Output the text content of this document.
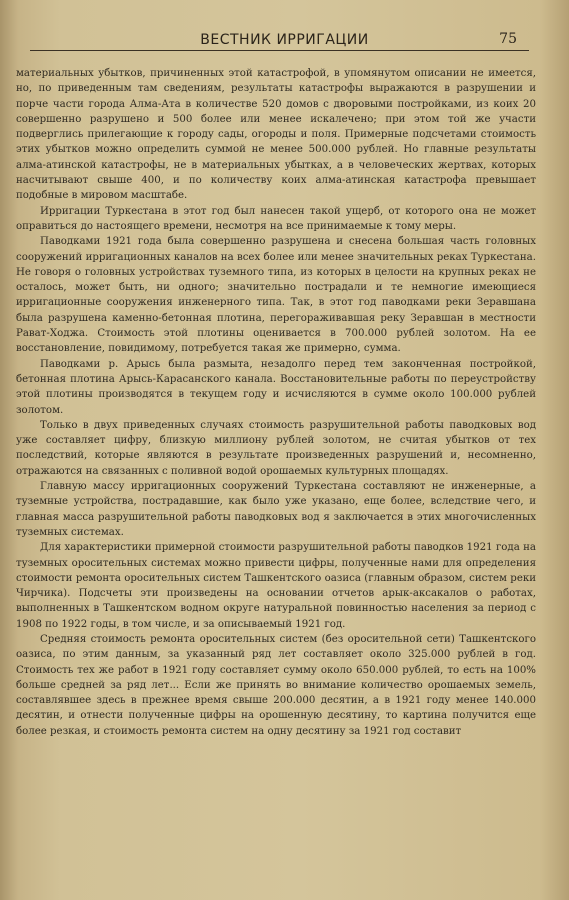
ВЕСТНИК ИРРИГАЦИИ	75

материальных убытков, причиненных этой катастрофой, в упомянутом описании не имеется, но, по приведенным там сведениям, результаты катастрофы выражаются в разрушении и порче части города Алма-Ата в количестве 520 домов с дворовыми постройками, из коих 20 совершенно разрушено и 500 более или менее искалечено; при этом той же участи подверглись прилегающие к городу сады, огороды и поля. Примерные подсчетами стоимость этих убытков можно определить суммой не менее 500.000 рублей. Но главные результаты алма-атинской катастрофы, не в материальных убытках, а в человеческих жертвах, которых насчитывают свыше 400, и по количеству коих алма-атинская катастрофа превышает подобные в мировом масштабе.

Ирригации Туркестана в этот год был нанесен такой ущерб, от которого она не может оправиться до настоящего времени, несмотря на все принимаемые к тому меры.

Паводками 1921 года была совершенно разрушена и снесена большая часть головных сооружений ирригационных каналов на всех более или менее значительных реках Туркестана. Не говоря о головных устройствах туземного типа, из которых в целости на крупных реках не осталось, может быть, ни одного; значительно пострадали и те немногие имеющиеся ирригационные сооружения инженерного типа. Так, в этот год паводками реки Зеравшана была разрушена каменно-бетонная плотина, перегораживавшая реку Зеравшан в местности Рават-Ходжа. Стоимость этой плотины оценивается в 700.000 рублей золотом. На ее восстановление, повидимому, потребуется такая же примерно, сумма.

Паводками р. Арысь была размыта, незадолго перед тем законченная постройкой, бетонная плотина Арысь-Карасанского канала. Восстановительные работы по переустройству этой плотины производятся в текущем году и исчисляются в сумме около 100.000 рублей золотом.

Только в двух приведенных случаях стоимость разрушительной работы паводковых вод уже составляет цифру, близкую миллиону рублей золотом, не считая убытков от тех последствий, которые являются в результате произведенных разрушений и, несомненно, отражаются на связанных с поливной водой орошаемых культурных площадях.

Главную массу ирригационных сооружений Туркестана составляют не инженерные, а туземные устройства, пострадавшие, как было уже указано, еще более, вследствие чего, и главная масса разрушительной работы паводковых вод я заключается в этих многочисленных туземных системах.

Для характеристики примерной стоимости разрушительной работы паводков 1921 года на туземных оросительных системах можно привести цифры, полученные нами для определения стоимости ремонта оросительных систем Ташкентского оазиса (главным образом, систем реки Чирчика). Подсчеты эти произведены на основании отчетов арык-аксакалов о работах, выполненных в Ташкентском водном округе натуральной повинностью населения за период с 1908 по 1922 годы, в том числе, и за описываемый 1921 год.

Средняя стоимость ремонта оросительных систем (без оросительной сети) Ташкентского оазиса, по этим данным, за указанный ряд лет составляет около 325.000 рублей в год. Стоимость тех же работ в 1921 году составляет сумму около 650.000 рублей, то есть на 100% больше средней за ряд лет... Если же принять во внимание количество орошаемых земель, составлявшее здесь в прежнее время свыше 200.000 десятин, а в 1921 году менее 140.000 десятин, и отнести полученные цифры на орошенную десятину, то картина получится еще более резкая, и стоимость ремонта систем на одну десятину за 1921 год составит
